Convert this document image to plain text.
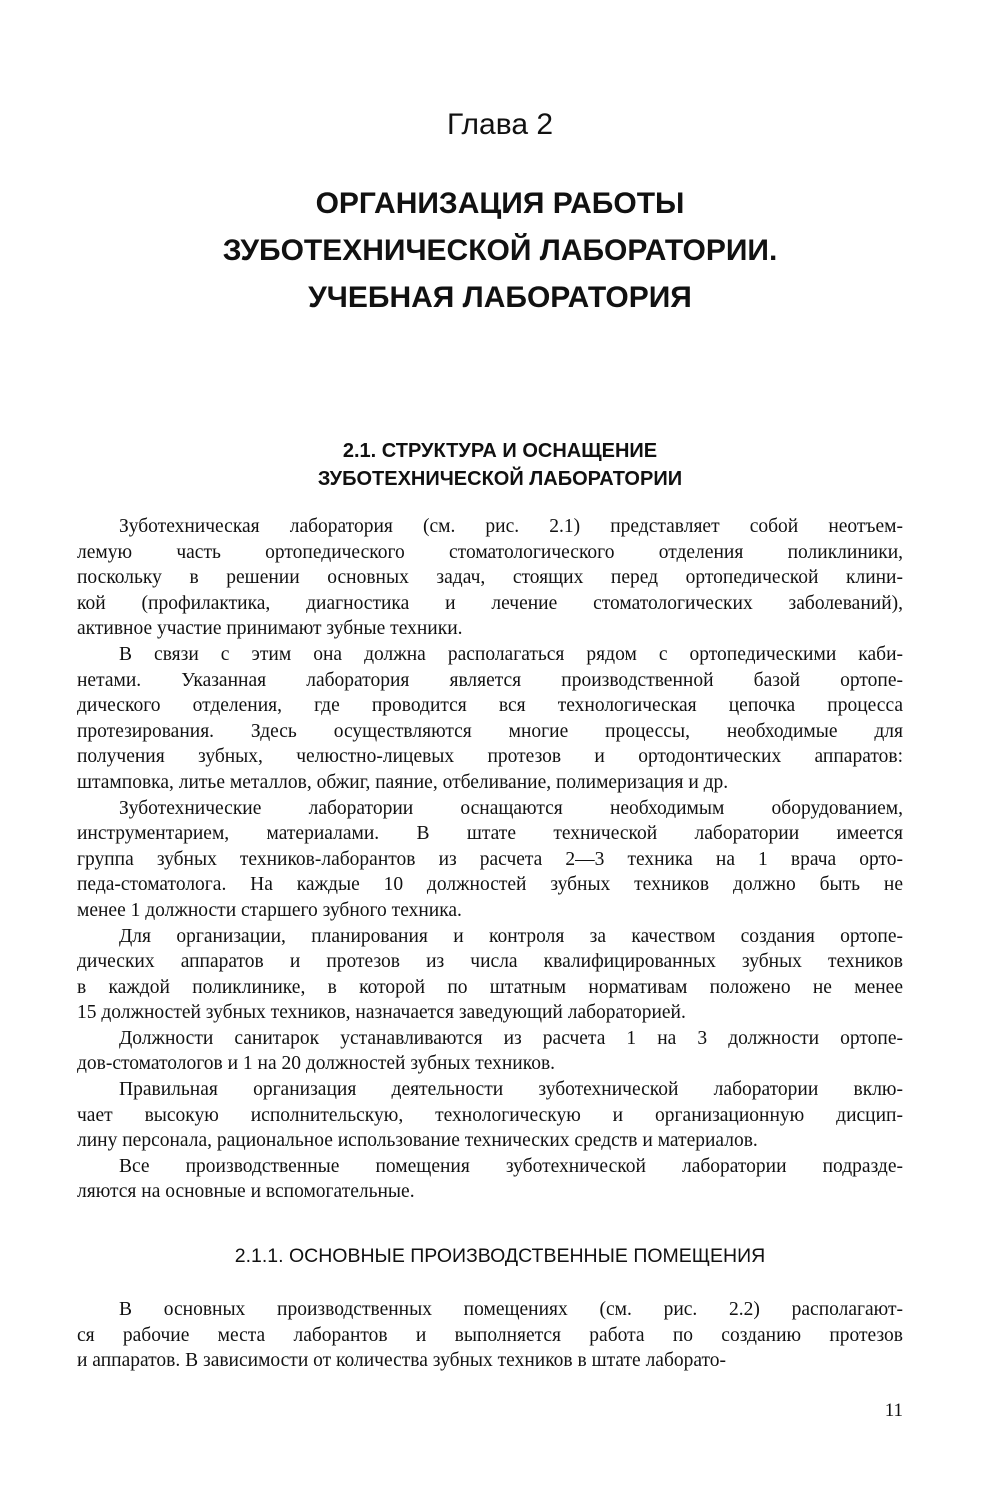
Глава 2
ОРГАНИЗАЦИЯ РАБОТЫ
ЗУБОТЕХНИЧЕСКОЙ ЛАБОРАТОРИИ.
УЧЕБНАЯ ЛАБОРАТОРИЯ
2.1. СТРУКТУРА И ОСНАЩЕНИЕ
ЗУБОТЕХНИЧЕСКОЙ ЛАБОРАТОРИИ
Зуботехническая лаборатория (см. рис. 2.1) представляет собой неотъем-
лемую часть ортопедического стоматологического отделения поликлиники,
поскольку в решении основных задач, стоящих перед ортопедической клини-
кой (профилактика, диагностика и лечение стоматологических заболеваний),
активное участие принимают зубные техники.
В связи с этим она должна располагаться рядом с ортопедическими каби-
нетами. Указанная лаборатория является производственной базой ортопе-
дического отделения, где проводится вся технологическая цепочка процесса
протезирования. Здесь осуществляются многие процессы, необходимые для
получения зубных, челюстно-лицевых протезов и ортодонтических аппаратов:
штамповка, литье металлов, обжиг, паяние, отбеливание, полимеризация и др.
Зуботехнические лаборатории оснащаются необходимым оборудованием,
инструментарием, материалами. В штате технической лаборатории имеется
группа зубных техников-лаборантов из расчета 2—3 техника на 1 врача орто-
педа-стоматолога. На каждые 10 должностей зубных техников должно быть не
менее 1 должности старшего зубного техника.
Для организации, планирования и контроля за качеством создания ортопе-
дических аппаратов и протезов из числа квалифицированных зубных техников
в каждой поликлинике, в которой по штатным нормативам положено не менее
15 должностей зубных техников, назначается заведующий лабораторией.
Должности санитарок устанавливаются из расчета 1 на 3 должности ортопе-
дов-стоматологов и 1 на 20 должностей зубных техников.
Правильная организация деятельности зуботехнической лаборатории вклю-
чает высокую исполнительскую, технологическую и организационную дисцип-
лину персонала, рациональное использование технических средств и материалов.
Все производственные помещения зуботехнической лаборатории подразде-
ляются на основные и вспомогательные.
2.1.1. ОСНОВНЫЕ ПРОИЗВОДСТВЕННЫЕ ПОМЕЩЕНИЯ
В основных производственных помещениях (см. рис. 2.2) располагают-
ся рабочие места лаборантов и выполняется работа по созданию протезов
и аппаратов. В зависимости от количества зубных техников в штате лаборато-
11
